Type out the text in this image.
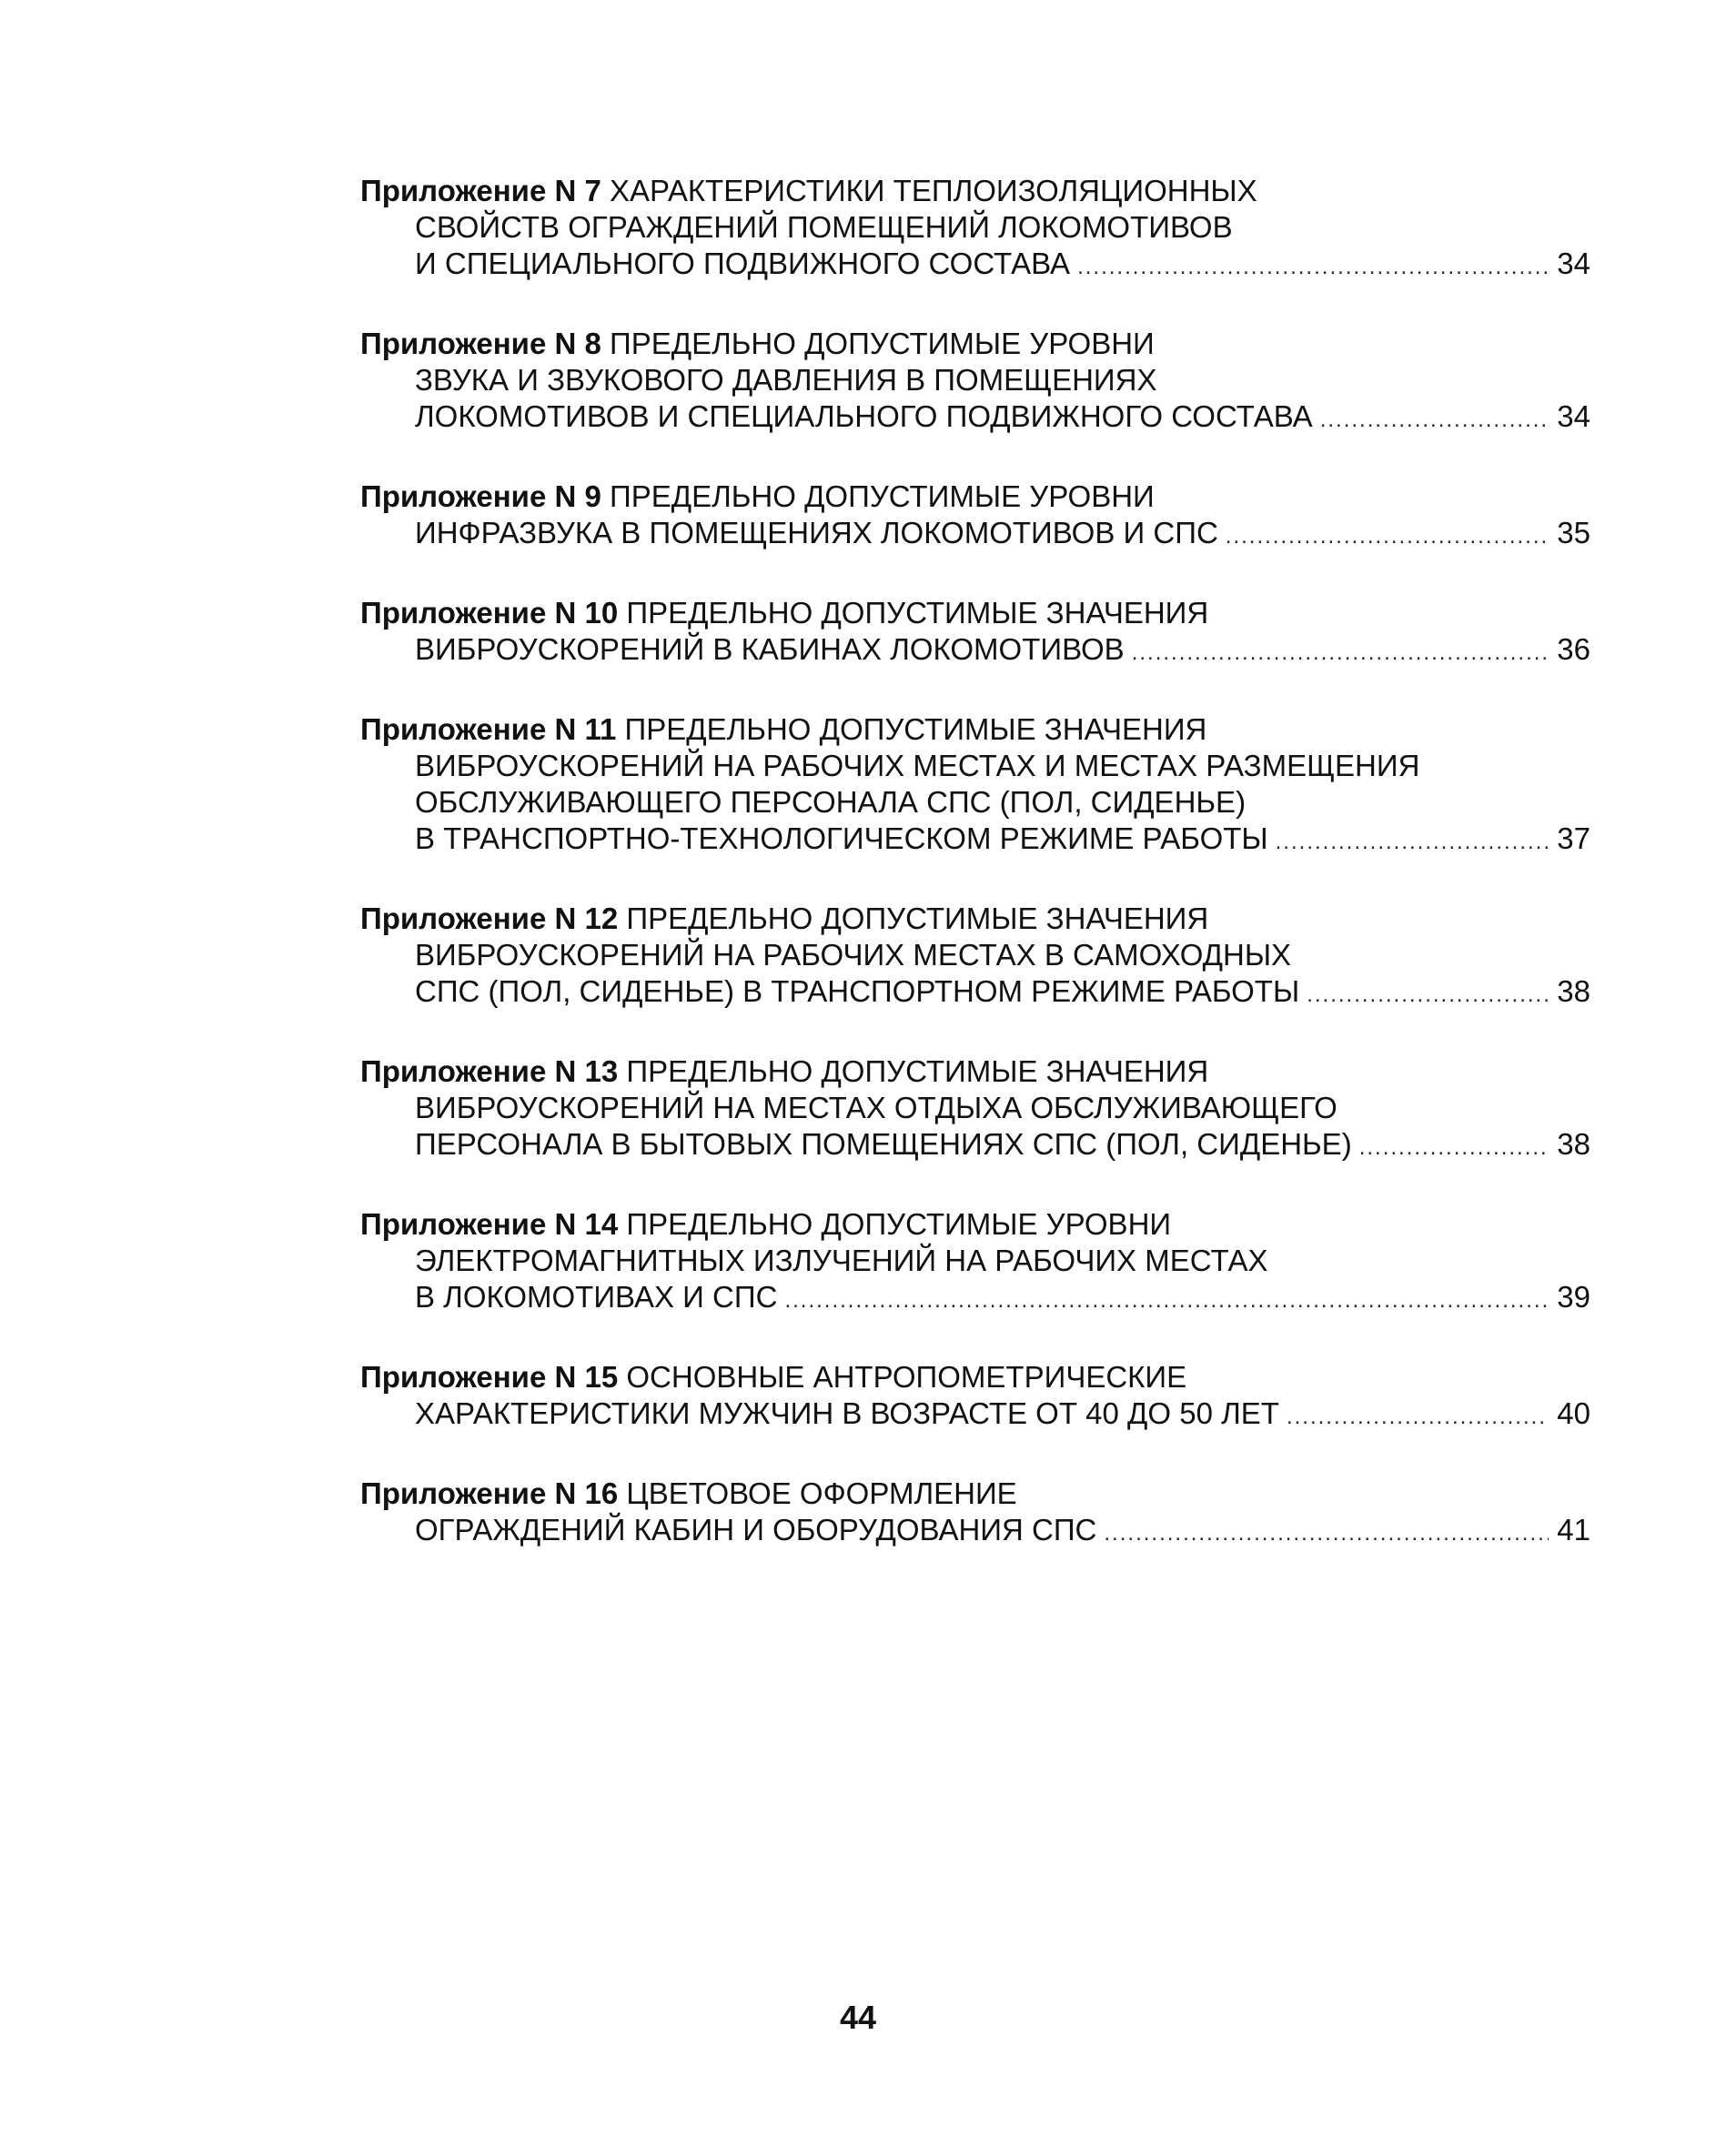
Приложение N 7 ХАРАКТЕРИСТИКИ ТЕПЛОИЗОЛЯЦИОННЫХ
СВОЙСТВ ОГРАЖДЕНИЙ ПОМЕЩЕНИЙ ЛОКОМОТИВОВ
И СПЕЦИАЛЬНОГО ПОДВИЖНОГО СОСТАВА .....	34
Приложение N 8 ПРЕДЕЛЬНО ДОПУСТИМЫЕ УРОВНИ
ЗВУКА И ЗВУКОВОГО ДАВЛЕНИЯ В ПОМЕЩЕНИЯХ
ЛОКОМОТИВОВ И СПЕЦИАЛЬНОГО ПОДВИЖНОГО СОСТАВА .....	34
Приложение N 9 ПРЕДЕЛЬНО ДОПУСТИМЫЕ УРОВНИ
ИНФРАЗВУКА В ПОМЕЩЕНИЯХ ЛОКОМОТИВОВ И СПС .....	35
Приложение N 10 ПРЕДЕЛЬНО ДОПУСТИМЫЕ ЗНАЧЕНИЯ
ВИБРОУСКОРЕНИЙ В КАБИНАХ ЛОКОМОТИВОВ .....	36
Приложение N 11 ПРЕДЕЛЬНО ДОПУСТИМЫЕ ЗНАЧЕНИЯ
ВИБРОУСКОРЕНИЙ НА РАБОЧИХ МЕСТАХ И МЕСТАХ РАЗМЕЩЕНИЯ
ОБСЛУЖИВАЮЩЕГО ПЕРСОНАЛА СПС (ПОЛ, СИДЕНЬЕ)
В ТРАНСПОРТНО-ТЕХНОЛОГИЧЕСКОМ РЕЖИМЕ РАБОТЫ .....	37
Приложение N 12 ПРЕДЕЛЬНО ДОПУСТИМЫЕ ЗНАЧЕНИЯ
ВИБРОУСКОРЕНИЙ НА РАБОЧИХ МЕСТАХ В САМОХОДНЫХ
СПС (ПОЛ, СИДЕНЬЕ) В ТРАНСПОРТНОМ РЕЖИМЕ РАБОТЫ .....	38
Приложение N 13 ПРЕДЕЛЬНО ДОПУСТИМЫЕ ЗНАЧЕНИЯ
ВИБРОУСКОРЕНИЙ НА МЕСТАХ ОТДЫХА ОБСЛУЖИВАЮЩЕГО
ПЕРСОНАЛА В БЫТОВЫХ ПОМЕЩЕНИЯХ СПС (ПОЛ, СИДЕНЬЕ) .....	38
Приложение N 14 ПРЕДЕЛЬНО ДОПУСТИМЫЕ УРОВНИ
ЭЛЕКТРОМАГНИТНЫХ ИЗЛУЧЕНИЙ НА РАБОЧИХ МЕСТАХ
В ЛОКОМОТИВАХ И СПС .....	39
Приложение N 15 ОСНОВНЫЕ АНТРОПОМЕТРИЧЕСКИЕ
ХАРАКТЕРИСТИКИ МУЖЧИН В ВОЗРАСТЕ ОТ 40 ДО 50 ЛЕТ .....	40
Приложение N 16 ЦВЕТОВОЕ ОФОРМЛЕНИЕ
ОГРАЖДЕНИЙ КАБИН И ОБОРУДОВАНИЯ СПС .....	41
44
